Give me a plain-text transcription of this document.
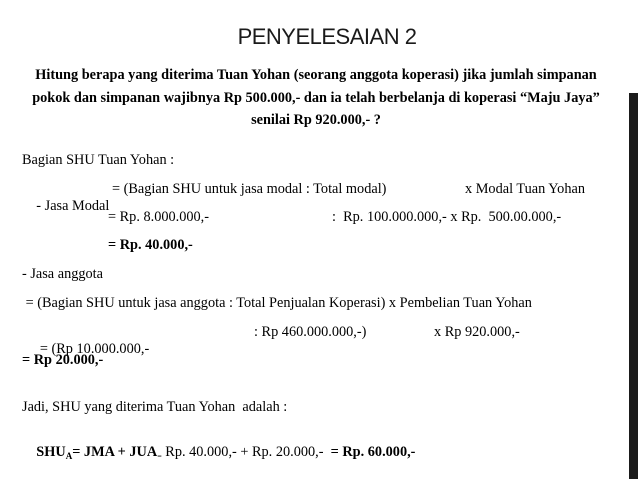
PENYELESAIAN 2
Hitung berapa yang diterima Tuan Yohan (seorang anggota koperasi) jika jumlah simpanan pokok dan simpanan wajibnya Rp 500.000,- dan ia telah berbelanja di koperasi “Maju Jaya” senilai Rp 920.000,- ?
Bagian SHU Tuan Yohan :

- Jasa Modal

= (Bagian SHU untuk jasa modal : Total modal)

	x Modal Tuan Yohan

= Rp. 8.000.000,-

	:  Rp. 100.000.000,- x Rp.  500.00.000,-

= Rp. 40.000,-
- Jasa anggota
= (Bagian SHU untuk jasa anggota : Total Penjualan Koperasi) x Pembelian Tuan Yohan

= (Rp 10.000.000,-

: Rp 460.000.000,-)

	x Rp 920.000,-

= Rp 20.000,-
Jadi, SHU yang diterima Tuan Yohan  adalah :

$SHU_A=$ JMA + $JUA_=$ Rp. 40.000,- + Rp. 20.000,-  = Rp. 60.000,-
